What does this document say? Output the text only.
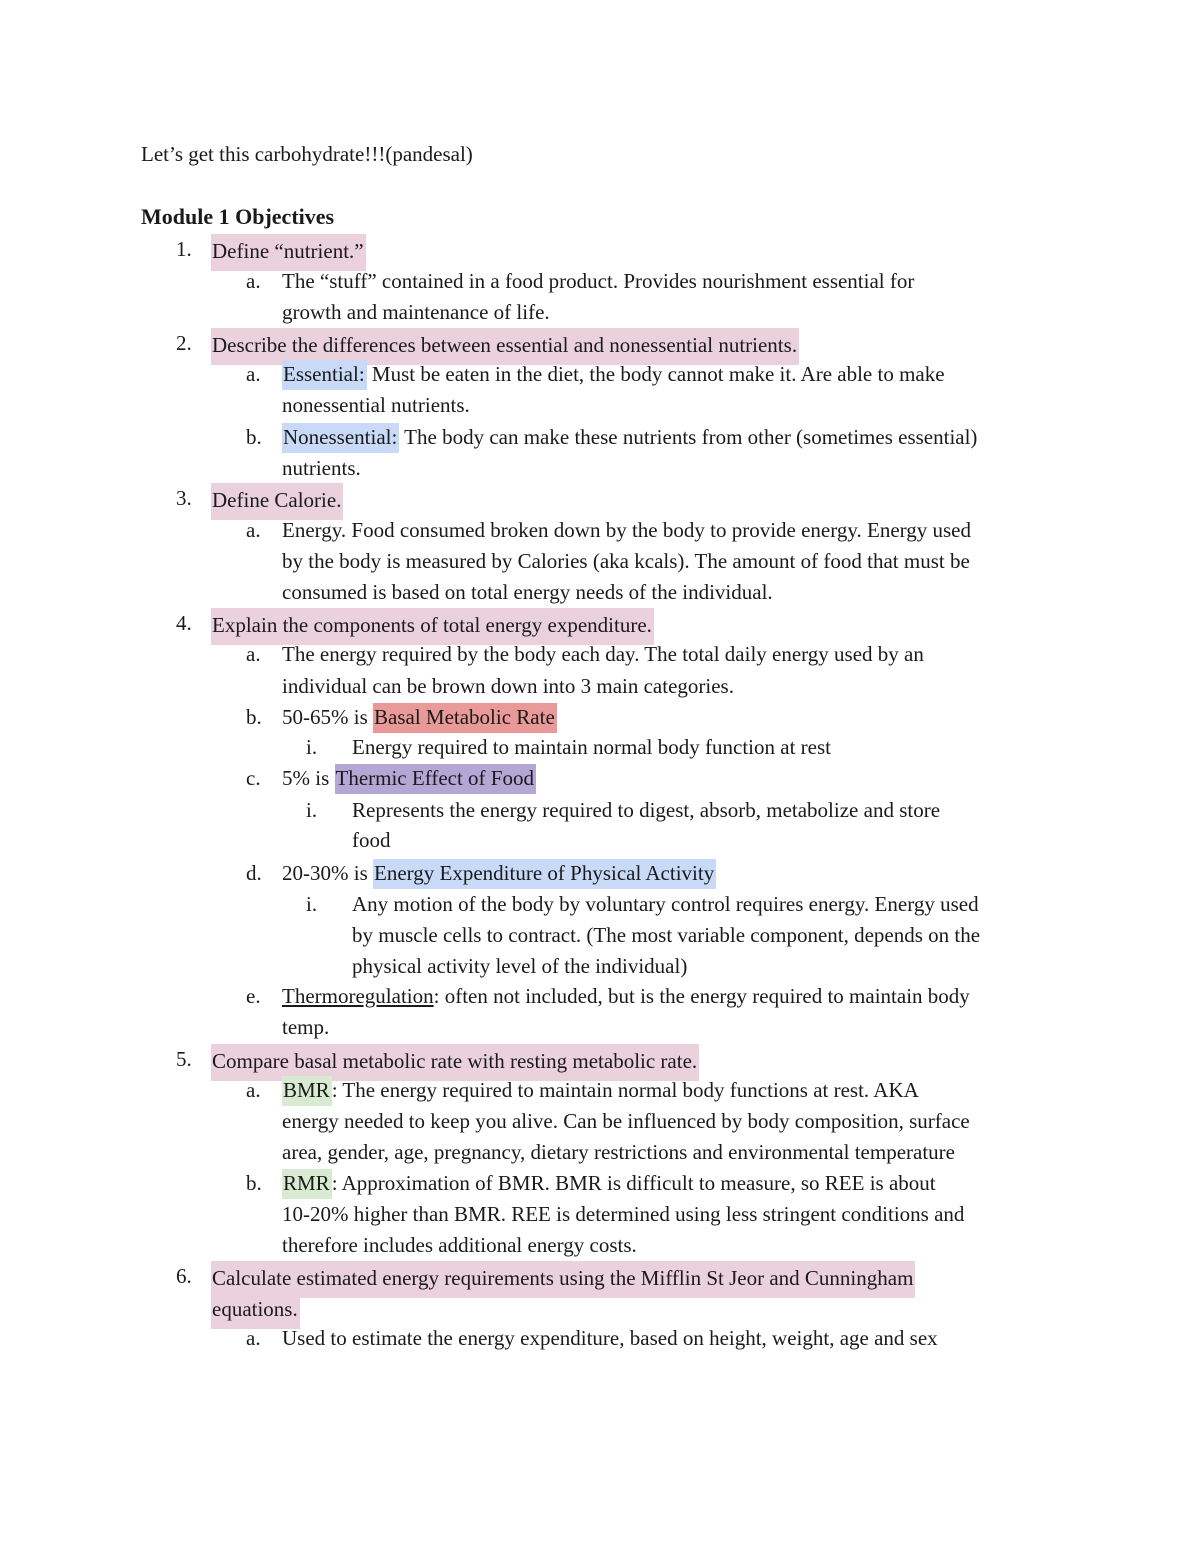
Let’s get this carbohydrate!!!(pandesal)
Module 1 Objectives
1. Define “nutrient.”
a. The “stuff” contained in a food product. Provides nourishment essential for
growth and maintenance of life.
2. Describe the differences between essential and nonessential nutrients.
a. Essential: Must be eaten in the diet, the body cannot make it. Are able to make
nonessential nutrients.
b. Nonessential: The body can make these nutrients from other (sometimes essential)
nutrients.
3. Define Calorie.
a. Energy. Food consumed broken down by the body to provide energy. Energy used
by the body is measured by Calories (aka kcals). The amount of food that must be
consumed is based on total energy needs of the individual.
4. Explain the components of total energy expenditure.
a. The energy required by the body each day. The total daily energy used by an
individual can be brown down into 3 main categories.
b. 50-65% is Basal Metabolic Rate
i. Energy required to maintain normal body function at rest
c. 5% is Thermic Effect of Food
i. Represents the energy required to digest, absorb, metabolize and store
food
d. 20-30% is Energy Expenditure of Physical Activity
i. Any motion of the body by voluntary control requires energy. Energy used
by muscle cells to contract. (The most variable component, depends on the
physical activity level of the individual)
e. Thermoregulation: often not included, but is the energy required to maintain body
temp.
5. Compare basal metabolic rate with resting metabolic rate.
a. BMR: The energy required to maintain normal body functions at rest. AKA
energy needed to keep you alive. Can be influenced by body composition, surface
area, gender, age, pregnancy, dietary restrictions and environmental temperature
b. RMR: Approximation of BMR. BMR is difficult to measure, so REE is about
10-20% higher than BMR. REE is determined using less stringent conditions and
therefore includes additional energy costs.
6. Calculate estimated energy requirements using the Mifflin St Jeor and Cunningham
equations.
a. Used to estimate the energy expenditure, based on height, weight, age and sex
